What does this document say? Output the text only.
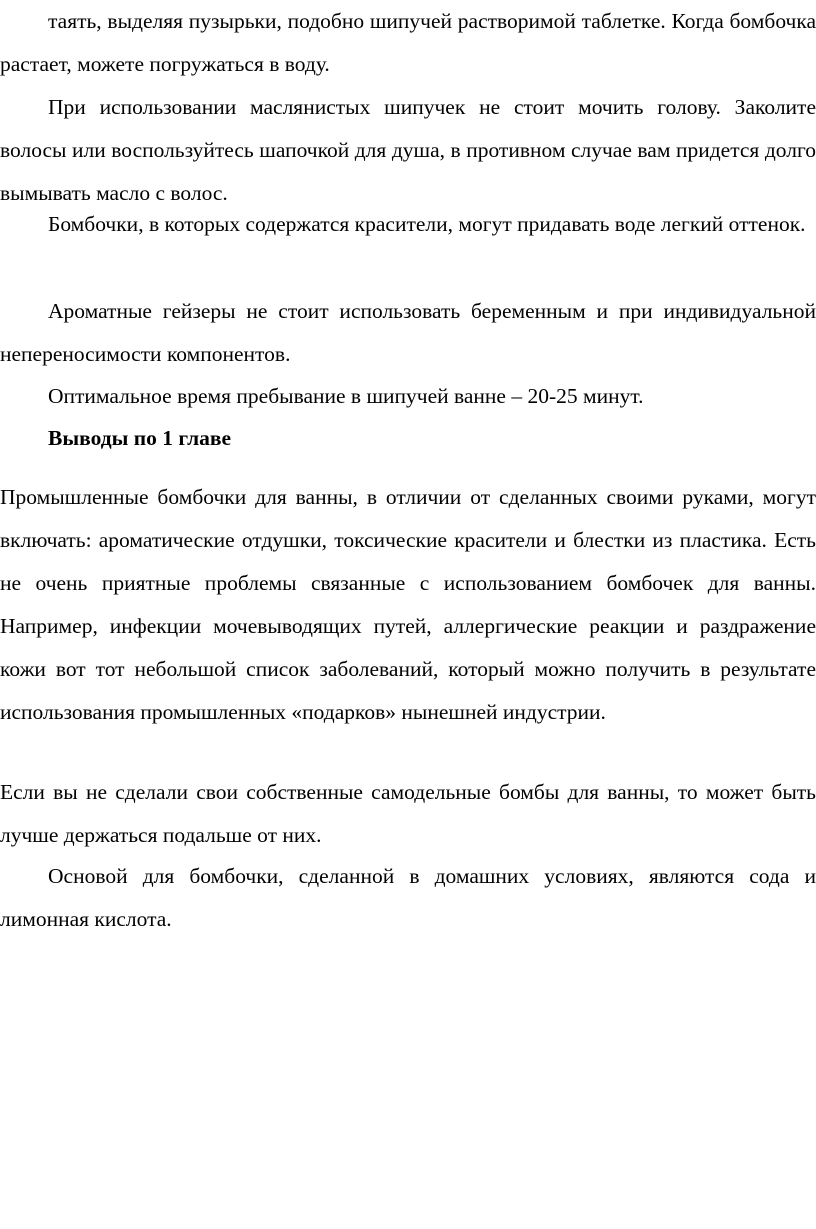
таять, выделяя пузырьки, подобно шипучей растворимой таблетке. Когда бомбочка растает, можете погружаться в воду.

При использовании маслянистых шипучек не стоит мочить голову. Заколите волосы или воспользуйтесь шапочкой для душа, в противном случае вам придется долго вымывать масло с волос.

Бомбочки, в которых содержатся красители, могут придавать воде легкий оттенок.

Ароматные гейзеры не стоит использовать беременным и при индивидуальной непереносимости компонентов.

Оптимальное время пребывание в шипучей ванне – 20-25 минут.

Выводы по 1 главе

Промышленные бомбочки для ванны, в отличии от сделанных своими руками, могут включать: ароматические отдушки, токсические красители и блестки из пластика. Есть не очень приятные проблемы связанные с использованием бомбочек для ванны. Например, инфекции мочевыводящих путей, аллергические реакции и раздражение кожи вот тот небольшой список заболеваний, который можно получить в результате использования промышленных «подарков» нынешней индустрии.

Если вы не сделали свои собственные самодельные бомбы для ванны, то может быть лучше держаться подальше от них.

Основой для бомбочки, сделанной в домашних условиях, являются сода и лимонная кислота.
